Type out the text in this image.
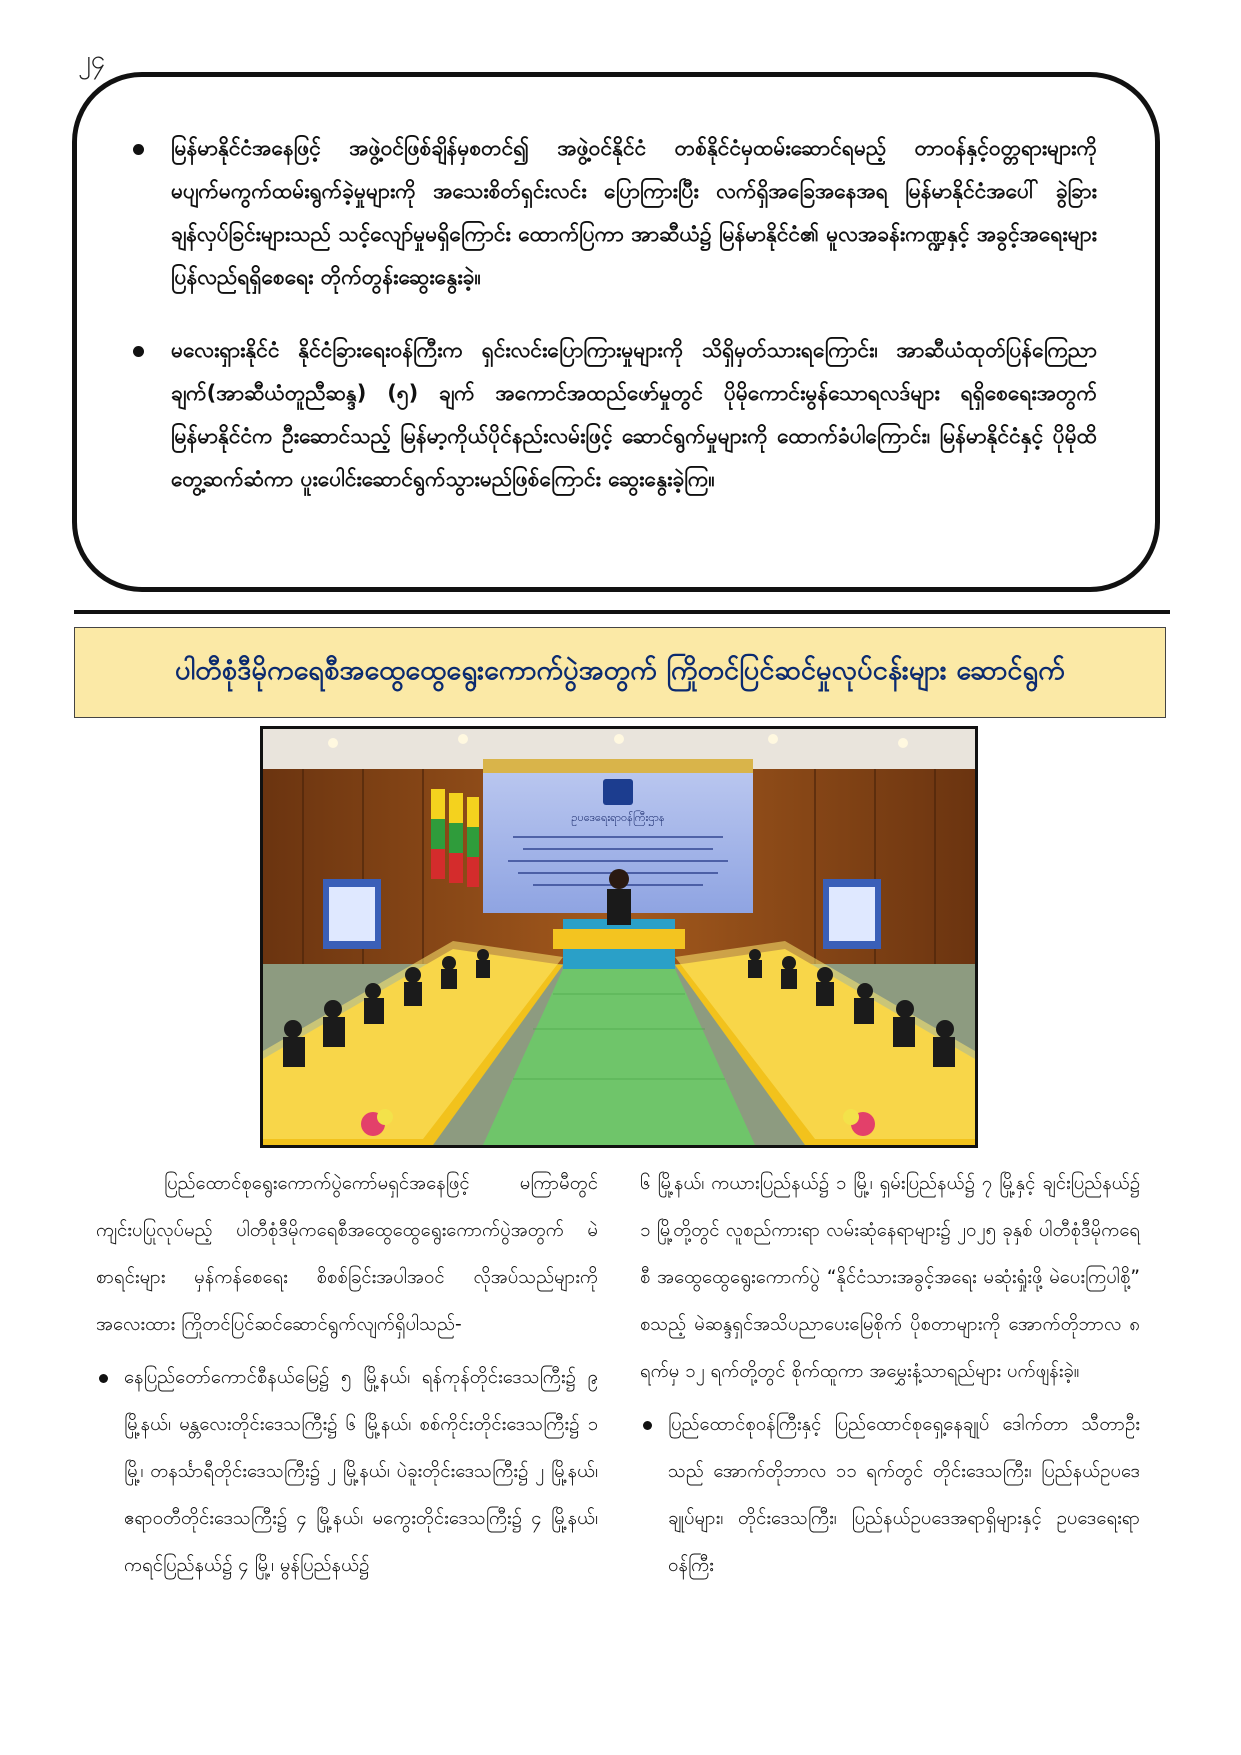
၂၄
မြန်မာနိုင်ငံအနေဖြင့် အဖွဲ့ဝင်ဖြစ်ချိန်မှစတင်၍ အဖွဲ့ဝင်နိုင်ငံ တစ်နိုင်ငံမှထမ်းဆောင်ရမည့် တာဝန်နှင့်ဝတ္တရားများကို မပျက်မကွက်ထမ်းရွက်ခဲ့မှုများကို အသေးစိတ်ရှင်းလင်း ပြောကြားပြီး လက်ရှိအခြေအနေအရ မြန်မာနိုင်ငံအပေါ် ခွဲခြားချန်လှပ်ခြင်းများသည် သင့်လျော်မှုမရှိကြောင်း ထောက်ပြကာ အာဆီယံ၌ မြန်မာနိုင်ငံ၏ မူလအခန်းကဏ္ဍနှင့် အခွင့်အရေးများ ပြန်လည်ရရှိစေရေး တိုက်တွန်းဆွေးနွေးခဲ့။
မလေးရှားနိုင်ငံ နိုင်ငံခြားရေးဝန်ကြီးက ရှင်းလင်းပြောကြားမှုများကို သိရှိမှတ်သားရကြောင်း၊ အာဆီယံထုတ်ပြန်ကြေညာချက်(အာဆီယံတူညီဆန္ဒ) (၅) ချက် အကောင်အထည်ဖော်မှုတွင် ပိုမိုကောင်းမွန်သောရလဒ်များ ရရှိစေရေးအတွက် မြန်မာနိုင်ငံက ဦးဆောင်သည့် မြန်မာ့ကိုယ်ပိုင်နည်းလမ်းဖြင့် ဆောင်ရွက်မှုများကို ထောက်ခံပါကြောင်း၊ မြန်မာနိုင်ငံနှင့် ပိုမိုထိတွေ့ဆက်ဆံကာ ပူးပေါင်းဆောင်ရွက်သွားမည်ဖြစ်ကြောင်း ဆွေးနွေးခဲ့ကြ။
ပါတီစုံဒီမိုကရေစီအထွေထွေရွေးကောက်ပွဲအတွက် ကြိုတင်ပြင်ဆင်မှုလုပ်ငန်းများ ဆောင်ရွက်
ဥပဒေရေးရာဝန်ကြီးဌာန

ပြည်ထောင်စုရွေးကောက်ပွဲကော်မရှင်အနေဖြင့် မကြာမီတွင် ကျင်းပပြုလုပ်မည့် ပါတီစုံဒီမိုကရေစီအထွေထွေရွေးကောက်ပွဲအတွက် မဲစာရင်းများ မှန်ကန်စေရေး စိစစ်ခြင်းအပါအဝင် လိုအပ်သည်များကို အလေးထား ကြိုတင်ပြင်ဆင်ဆောင်ရွက်လျက်ရှိပါသည်-

နေပြည်တော်ကောင်စီနယ်မြေ၌ ၅ မြို့နယ်၊ ရန်ကုန်တိုင်းဒေသကြီး၌ ၉ မြို့နယ်၊ မန္တလေးတိုင်းဒေသကြီး၌ ၆ မြို့နယ်၊ စစ်ကိုင်းတိုင်းဒေသကြီး၌ ၁ မြို့၊ တနင်္သာရီတိုင်းဒေသကြီး၌ ၂ မြို့နယ်၊ ပဲခူးတိုင်းဒေသကြီး၌ ၂ မြို့နယ်၊ ဧရာဝတီတိုင်းဒေသကြီး၌ ၄ မြို့နယ်၊ မကွေးတိုင်းဒေသကြီး၌ ၄ မြို့နယ်၊ ကရင်ပြည်နယ်၌ ၄ မြို့၊ မွန်ပြည်နယ်၌

၆ မြို့နယ်၊ ကယားပြည်နယ်၌ ၁ မြို့၊ ရှမ်းပြည်နယ်၌ ၇ မြို့နှင့် ချင်းပြည်နယ်၌ ၁ မြို့တို့တွင် လူစည်ကားရာ လမ်းဆုံနေရာများ၌ ၂၀၂၅ ခုနှစ် ပါတီစုံဒီမိုကရေစီ အထွေထွေရွေးကောက်ပွဲ “နိုင်ငံသားအခွင့်အရေး မဆုံးရှုံးဖို့ မဲပေးကြပါစို့” စသည့် မဲဆန္ဒရှင်အသိပညာပေးမြေစိုက် ပိုစတာများကို အောက်တိုဘာလ ၈ ရက်မှ ၁၂ ရက်တို့တွင် စိုက်ထူကာ အမွှေးနံ့သာရည်များ ပက်ဖျန်းခဲ့။

ပြည်ထောင်စုဝန်ကြီးနှင့် ပြည်ထောင်စုရှေ့နေချုပ် ဒေါက်တာ သီတာဦးသည် အောက်တိုဘာလ ၁၁ ရက်တွင် တိုင်းဒေသကြီး၊ ပြည်နယ်ဥပဒေချုပ်များ၊ တိုင်းဒေသကြီး၊ ပြည်နယ်ဥပဒေအရာရှိများနှင့် ဥပဒေရေးရာဝန်ကြီး
